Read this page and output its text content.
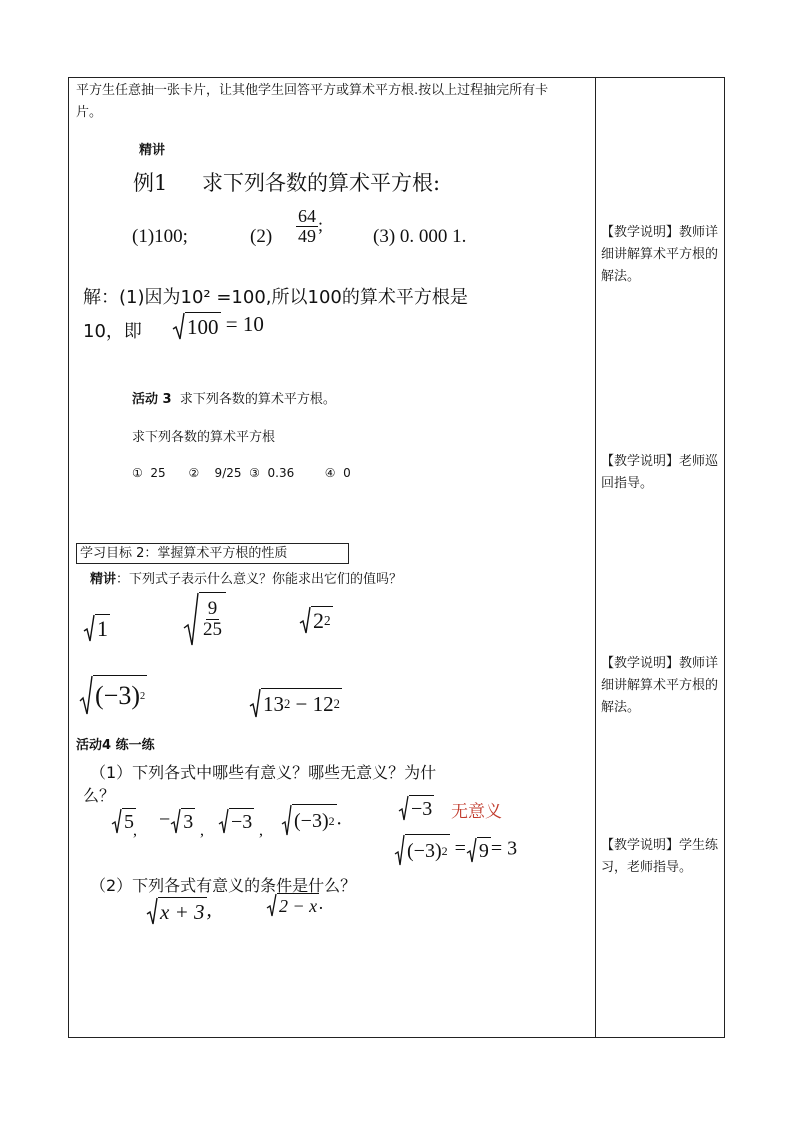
平方生任意抽一张卡片，让其他学生回答平方或算术平方根.按以上过程抽完所有卡
片。
精讲
例1 求下列各数的算术平方根:
(1)100;	$(2) \frac{64}{49}$ ;
(3) 0. 000 1.
解：(1)因为10² =100,所以100的算术平方根是
10，即 100 = 10
活动 3 求下列各数的算术平方根。
求下列各数的算术平方根
①  25      ②    9/25  ③  0.36        ④  0
学习目标 2：掌握算术平方根的性质
精讲：下列式子表示什么意义？你能求出它们的值吗？
1	$\frac{9}{25}$	2 2
(−3) 2	13 2 − 12 2
活动4 练一练
（1）下列各式中哪些有意义？哪些无意义？为什
么？
5 , − 3 , −3 , (−3) 2 .	−3 无意义
(−3) 2 = 9 = 3
（2）下列各式有意义的条件是什么？
x + 3 ,	2 − x .
【教学说明】教师详细讲解算术平方根的解法。
【教学说明】老师巡回指导。
【教学说明】教师详细讲解算术平方根的解法。
【教学说明】学生练习，老师指导。
